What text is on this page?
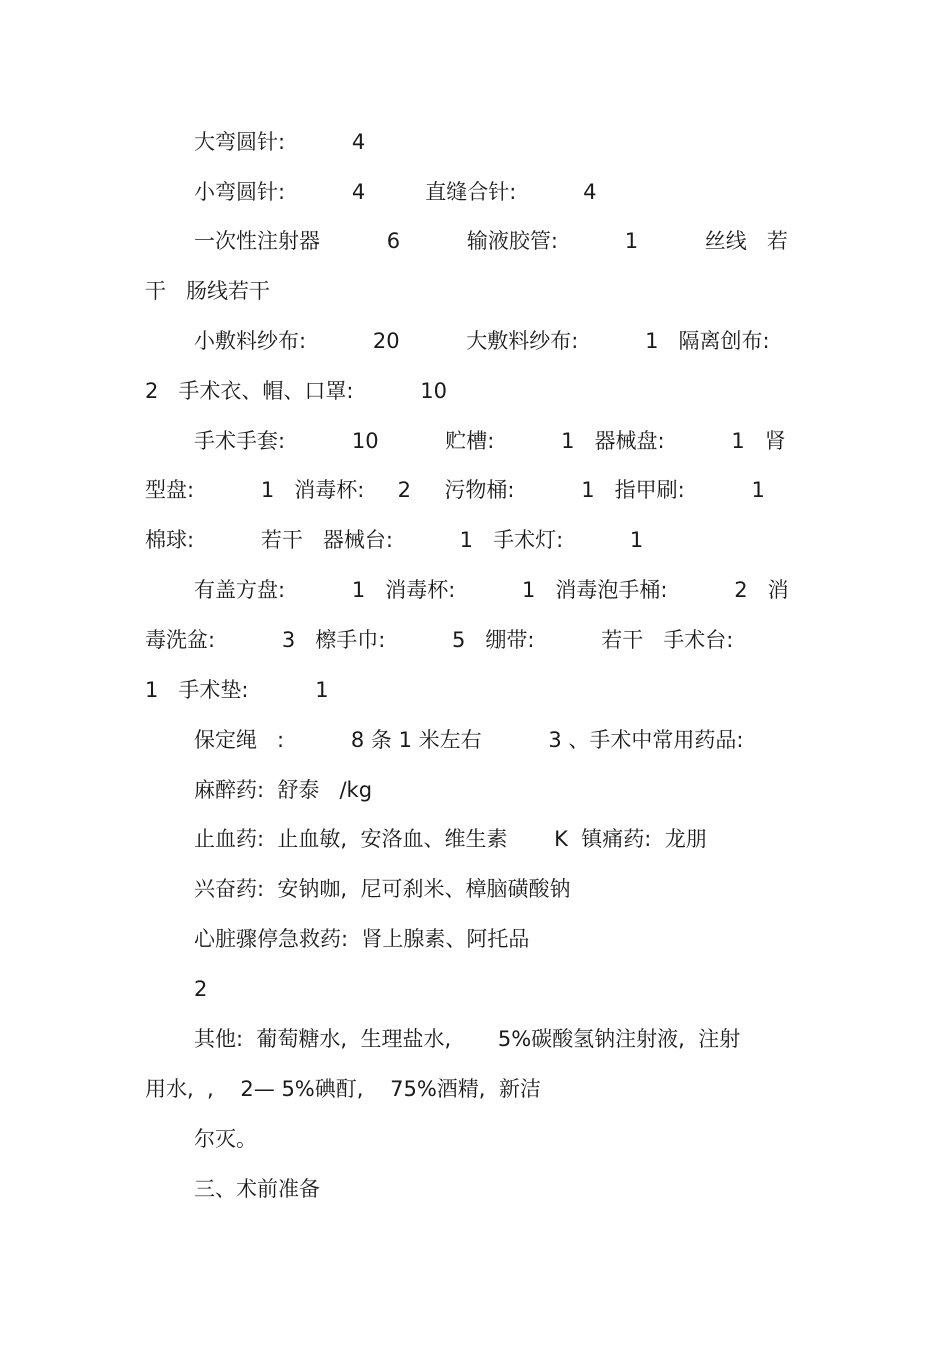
大弯圆针:          4
小弯圆针:          4         直缝合针:          4
一次性注射器          6          输液胶管:          1          丝线   若
干   肠线若干
小敷料纱布:          20          大敷料纱布:          1   隔离创布:
2   手术衣、帽、口罩:          10
手术手套:          10          贮槽:          1   器械盘:          1   肾
型盘:          1   消毒杯:     2     污物桶:          1   指甲刷:          1
棉球:          若干   器械台:          1   手术灯:          1
有盖方盘:          1   消毒杯:          1   消毒泡手桶:          2   消
毒洗盆:          3   檫手巾:          5   绷带:          若干   手术台:
1   手术垫:          1
保定绳   :          8 条 1 米左右          3 、手术中常用药品:
麻醉药:  舒泰   /kg
止血药:  止血敏,  安洛血、维生素       K  镇痛药:  龙朋
兴奋药:  安钠咖,  尼可刹米、樟脑磺酸钠
心脏骤停急救药:  肾上腺素、阿托品
2
其他:  葡萄糖水,  生理盐水,       5%碳酸氢钠注射液,  注射
用水,  ,    2— 5%碘酊,    75%酒精,  新洁
尔灭。
三、术前准备
